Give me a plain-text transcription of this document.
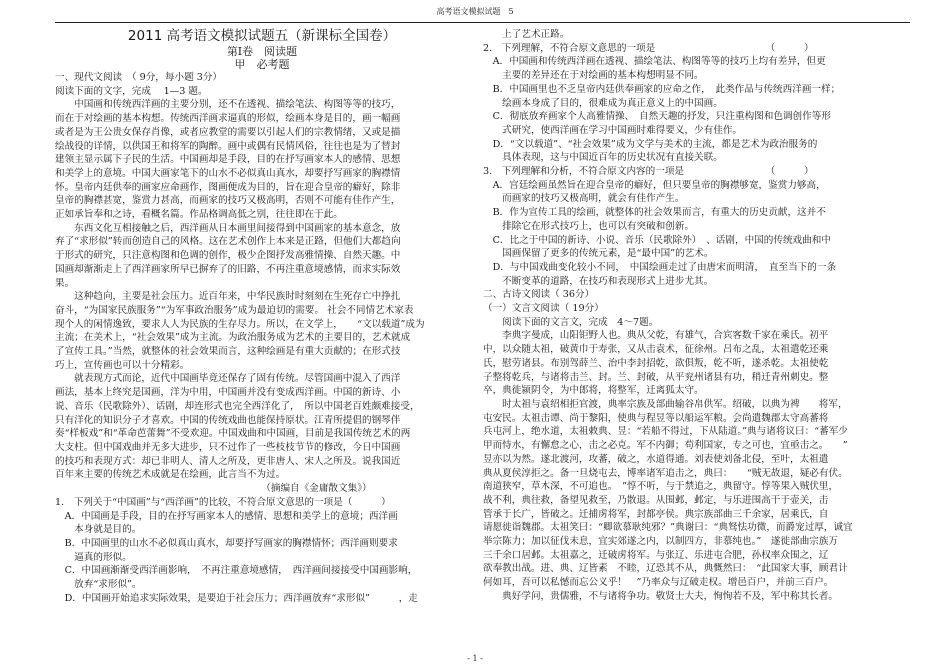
高考语文模拟试题　5
2011 高考语文模拟试题五（新课标全国卷）
第Ⅰ卷　阅读题
甲　必考题
一、现代文阅读　（ 9分，每小题 3分）
阅读下面的文字，完成　 1—3 题。
　　中国画和传统西洋画的主要分别，还不在透视、描绘笔法、构图等等的技巧，
而在于对绘画的基本构想。传统西洋画求逼真的形似，绘画本身是目的，画一幅画
或者是为王公贵女保存肖像，或者应教堂的需要以引起人们的宗教情绪，又或是描
绘战役的详情，以供国王和将军的陶醉。画中或偶有民情风俗，往往也是为了替封
建领主显示属下子民的生活。中国画却是手段，目的在抒写画家本人的感情、思想
和美学上的意境。中国大画家笔下的山水不必似真山真水，却要抒写画家的胸襟情
怀。皇帝内廷供奉的画家应命画作，图画便成为目的，旨在迎合皇帝的癖好，除非
皇帝的胸襟甚宽，鉴赏力甚高，而画家的技巧又极高明，否则不可能有佳作产生，
正如承旨奉和之诗，看概名篇。作品格调高低之别，往往即在于此。
　　东西文化互相接触之后，西洋画从日本画里间接得到中国画家的基本意念，放
弃了“求形似”转而创造自己的风格。这在艺术创作上本来是正路，但他们大都趋向
于形式的研究，只注意构图和色调的创作，极少企图抒发高雅情操、自然天趣。中
国画却渐渐走上了西洋画家所早已摒弃了的旧路，不再注重意境感情，而求实际效
果。
　　这种趋向，主要是社会压力。近百年来，中华民族时时刻刻在生死存亡中挣扎
奋斗，“为国家民族服务”“为军事政治服务”成为最迫切的需要。 社会不同情艺术家表
现个人的闲情逸致，要求人人为民族的生存尽力。所以，在文学上，　　“文以载道”成为
主流；在美术上，“社会效果”成为主流。为政治服务成为艺术的主要目的，艺术就成
了宣传工具。”当然，就整体的社会效果而言，这种绘画是有重大贡献的；在形式技
巧上，宣传画也可以十分精彩。
　　就表现方式而论，近代中国画毕竟还保存了固有传统。尽管国画中混入了西洋
画法，基本上终究是国画，洋为中用，中国画并没有变成西洋画。中国的新诗、小
说、音乐（民歌除外）、话剧，却连形式也完全西洋化了，　所以中国老百姓颇难接受，
只有洋化的知识分子才喜欢。中国的传统戏曲也能保持原状。江青所提倡的钢琴伴
奏“样板戏”和“革命芭蕾舞”不受欢迎。中国戏曲和中国画，目前是我国传统艺术的两
大支柱。但中国戏曲并无多大进步，只不过作了一些枝枝节节的修改，今日中国画
的技巧和表现方式：却已非明人、清人之所及，更非唐人、宋人之所及。说我国近
百年来主要的传统艺术成就是在绘画，此言当不为过。
　　　　　　　　　　　　　　　　　　　　　　（摘编自《金庸散文集》）
1.　下列关于“中国画”与“西洋画”的比较，不符合原文意思的一项是（　　　）
　A．中国画是手段，目的在抒写画家本人的感情、思想和美学上的意境；西洋画
　　本身就是目的。
　B．中国画里的山水不必似真山真水，却要抒写画家的胸襟情怀；西洋画则要求
　　逼真的形似。
　C．中国画渐渐受西洋画影响，　不再注重意境感情，　西洋画间接接受中国画影响，
　　放弃“求形似”。
　D．中国画开始追求实际效果，是要迫于社会压力；西洋画放弃“求形似”　　　，走
　　上了艺术正路。
2.　下列理解，不符合原文意思的一项是　　　　　　　　　　　　（　　　）
　A．中国画和传统西洋画在透视、描绘笔法、构图等等的技巧上均有差异，但更
　　主要的差异还在于对绘画的基本构想明显不同。
　B．中国画里也不乏皇帝内廷供奉画家的应命之作，　此类作品与传统西洋画一样；
　　绘画本身成了目的，很难成为真正意义上的中国画。
　C．彻底放弃画家个人高雅情操、　自然天趣的抒发，只注重构图和色调创作等形
　　式研究，使西洋画在学习中国画时难得要义，少有佳作。
　D．“文以载道”、“社会效果”成为文学与美术的主流，都是艺术为政治服务的
　　具体表现，这与中国近百年的历史状况有直接关联。
3.　下列理解和分析，不符合原文内容的一项是　　　　　　　　　（　　　）
　A．宫廷绘画虽然旨在迎合皇帝的癖好，但只要皇帝的胸襟够宽，鉴赏力够高，
　　而画家的技巧又极高明，就会有佳作产生。
　B．作为宣传工具的绘画，就整体的社会效果而言，有重大的历史贡献，这并不
　　排除它在形式技巧上，也可以有突破和创新。
　C．比之于中国的新诗、小说、音乐（民歌除外）　、话剧，中国的传统戏曲和中
　　国画保留了更多的传统元素，是“最中国”的艺术。
　D．与中国戏曲变化较小不同，　中国绘画走过了由唐宋而明清，　直至当下的一条
　　不断变革的道路，在技巧和表现形式上进步尤其。
二、古诗文阅读（ 36分）
（一）文言文阅读（ 19分）
　　阅读下面的文言文，完成　4～7题。
　　李典字曼成，山阳钜野人也。典从父乾，有雄气，合宾客数千家在乘氏。初平
中，以众随太祖，破黄巾于寿张，又从击袁术，征徐州。吕布之乱，太祖遣乾还乘
氏，慰劳诸县。布别驾薛兰、治中李封招乾，欲俱叛，乾不听，遂杀乾。太祖使乾
子整将乾兵，与诸将击兰、封。兰、封破，从平兖州诸县有功，稍迁青州刺史。整
卒，典徙颍阴令，为中郎将，将整军，迁离狐太守。
　　时太祖与袁绍相拒官渡，典率宗族及部曲输谷帛供军。绍破，以典为裨　　将军，
屯安民。太祖击谭、尚于黎阳，使典与程昱等以船运军粮。会尚遣魏郡太守高蕃将
兵屯河上，绝水道，太祖敕典、昱：“若船不得过，下从陆道。”典与诸将议曰：“蕃军少
甲而恃水，有懈怠之心，击之必克。军不内御；苟利国家，专之可也，宜亟击之。　　”
昱亦以为然。遂北渡河，攻蕃，破之，水道得通。刘表使刘备北侵，至叶，太祖遣
典从夏侯淳拒之。备一旦烧屯去，博率诸军追击之，典曰：　　“贼无故退，疑必有伏。
南道狭窄，草木深，不可追也。　”惇不听，与于禁追之，典留守。惇等果入贼伏里，
战不利，典往救，备望见救至，乃散退。从围邺，邺定，与乐进围高干于壶关，击
管承于长广，皆破之。迁捕虏将军，封都亭侯。典宗族部曲三千余家，居乘氏，自
请愿徙诣魏郡。太祖笑曰：“卿欲慕耿纯邪？”典谢曰：“典驽怯功微，而爵宠过厚，诚宜
举宗陈力；加以征伐未息，宜实郊遂之内，以制四方，非慕纯也。”　遂徙部曲宗族万
三千余口居邺。太祖嘉之，迁破虏将军。与张辽、乐进屯合肥，孙权率众围之，辽
欲奉教出战。进、典、辽皆素　不睦，辽恐其不从，典慨然曰：　“此国家大事，顾君计
何如耳，吾可以私憾而忘公义乎！　”乃率众与辽破走权。增邑百户，并前三百户。
　　典好学问，贵儒雅，不与诸将争功。敬贤士大夫，恂恂若不及，军中称其长者。
- 1 -
